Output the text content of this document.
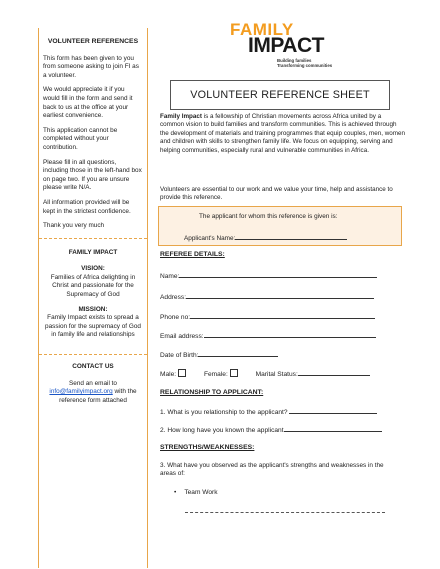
VOLUNTEER REFERENCES

This form has been given to you from someone asking to join FI as a volunteer.

We would appreciate it if you would fill in the form and send it back to us at the office at your earliest convenience.

This application cannot be completed without your contribution.

Please fill in all questions, including those in the left-hand box on page two. If you are unsure please write N/A.

All information provided will be kept in the strictest confidence.

Thank you very much

FAMILY IMPACT

VISION:

Families of Africa delighting in Christ and passionate for the Supremacy of God

MISSION:

Family Impact exists to spread a passion for the supremacy of God in family life and relationships

CONTACT US

Send an email to
info@familyimpact.org with the reference form attached

FAMILY
IMPACT
Building families
Transforming communities
VOLUNTEER REFERENCE SHEET

Family Impact is a fellowship of Christian movements across Africa united by a common vision to build families and transform communities. This is achieved through the development of materials and training programmes that equip couples, men, women and children with skills to strengthen family life. We focus on equipping, serving and helping communities, especially rural and vulnerable communities in Africa.

Volunteers are essential to our work and we value your time, help and assistance to provide this reference.

The applicant for whom this reference is given is:
Applicant's Name:
REFEREE DETAILS:
Name:
Address:
Phone no:
Email address:
Date of Birth:
Male:	Female:	Marital Status:
RELATIONSHIP TO APPLICANT:
1. What is you relationship to the applicant?
2. How long have you known the applicant
STRENGTHS/WEAKNESSES:

3. What have you observed as the applicant's strengths and weaknesses in the areas of:

• Team Work
